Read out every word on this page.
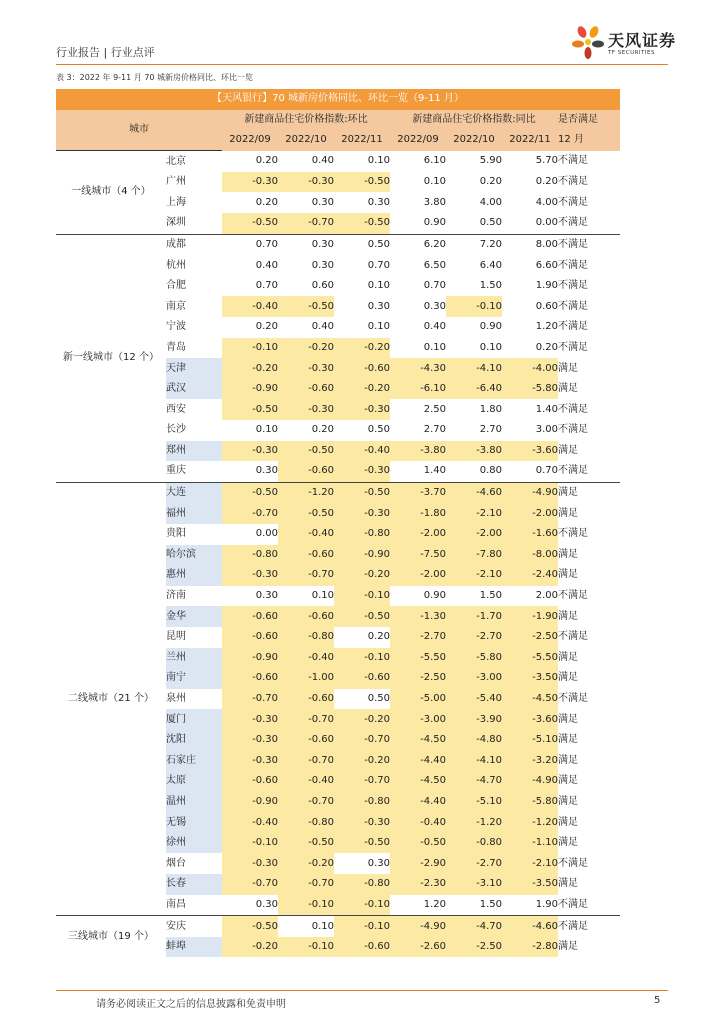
行业报告 | 行业点评
天风证券
TF SECURITIES
表 3：2022 年 9-11 月 70 城新房价格同比、环比一览
【天风银行】70 城新房价格同比、环比一览（9-11 月）								
城市		新建商品住宅价格指数:环比			新建商品住宅价格指数:同比			是否满足
		2022/09	2022/10	2022/11	2022/09	2022/10	2022/11	12 月
一线城市（4 个）	北京	0.20	0.40	0.10	6.10	5.90	5.70	不满足
	广州	-0.30	-0.30	-0.50	0.10	0.20	0.20	不满足
	上海	0.20	0.30	0.30	3.80	4.00	4.00	不满足
	深圳	-0.50	-0.70	-0.50	0.90	0.50	0.00	不满足
新一线城市（12 个）	成都	0.70	0.30	0.50	6.20	7.20	8.00	不满足
	杭州	0.40	0.30	0.70	6.50	6.40	6.60	不满足
	合肥	0.70	0.60	0.10	0.70	1.50	1.90	不满足
	南京	-0.40	-0.50	0.30	0.30	-0.10	0.60	不满足
	宁波	0.20	0.40	0.10	0.40	0.90	1.20	不满足
	青岛	-0.10	-0.20	-0.20	0.10	0.10	0.20	不满足
	天津	-0.20	-0.30	-0.60	-4.30	-4.10	-4.00	满足
	武汉	-0.90	-0.60	-0.20	-6.10	-6.40	-5.80	满足
	西安	-0.50	-0.30	-0.30	2.50	1.80	1.40	不满足
	长沙	0.10	0.20	0.50	2.70	2.70	3.00	不满足
	郑州	-0.30	-0.50	-0.40	-3.80	-3.80	-3.60	满足
	重庆	0.30	-0.60	-0.30	1.40	0.80	0.70	不满足
二线城市（21 个）	大连	-0.50	-1.20	-0.50	-3.70	-4.60	-4.90	满足
	福州	-0.70	-0.50	-0.30	-1.80	-2.10	-2.00	满足
	贵阳	0.00	-0.40	-0.80	-2.00	-2.00	-1.60	不满足
	哈尔滨	-0.80	-0.60	-0.90	-7.50	-7.80	-8.00	满足
	惠州	-0.30	-0.70	-0.20	-2.00	-2.10	-2.40	满足
	济南	0.30	0.10	-0.10	0.90	1.50	2.00	不满足
	金华	-0.60	-0.60	-0.50	-1.30	-1.70	-1.90	满足
	昆明	-0.60	-0.80	0.20	-2.70	-2.70	-2.50	不满足
	兰州	-0.90	-0.40	-0.10	-5.50	-5.80	-5.50	满足
	南宁	-0.60	-1.00	-0.60	-2.50	-3.00	-3.50	满足
	泉州	-0.70	-0.60	0.50	-5.00	-5.40	-4.50	不满足
	厦门	-0.30	-0.70	-0.20	-3.00	-3.90	-3.60	满足
	沈阳	-0.30	-0.60	-0.70	-4.50	-4.80	-5.10	满足
	石家庄	-0.30	-0.70	-0.20	-4.40	-4.10	-3.20	满足
	太原	-0.60	-0.40	-0.70	-4.50	-4.70	-4.90	满足
	温州	-0.90	-0.70	-0.80	-4.40	-5.10	-5.80	满足
	无锡	-0.40	-0.80	-0.30	-0.40	-1.20	-1.20	满足
	徐州	-0.10	-0.50	-0.50	-0.50	-0.80	-1.10	满足
	烟台	-0.30	-0.20	0.30	-2.90	-2.70	-2.10	不满足
	长春	-0.70	-0.70	-0.80	-2.30	-3.10	-3.50	满足
	南昌	0.30	-0.10	-0.10	1.20	1.50	1.90	不满足
三线城市（19 个）	安庆	-0.50	0.10	-0.10	-4.90	-4.70	-4.60	不满足
	蚌埠	-0.20	-0.10	-0.60	-2.60	-2.50	-2.80	满足
请务必阅读正文之后的信息披露和免责申明	5
